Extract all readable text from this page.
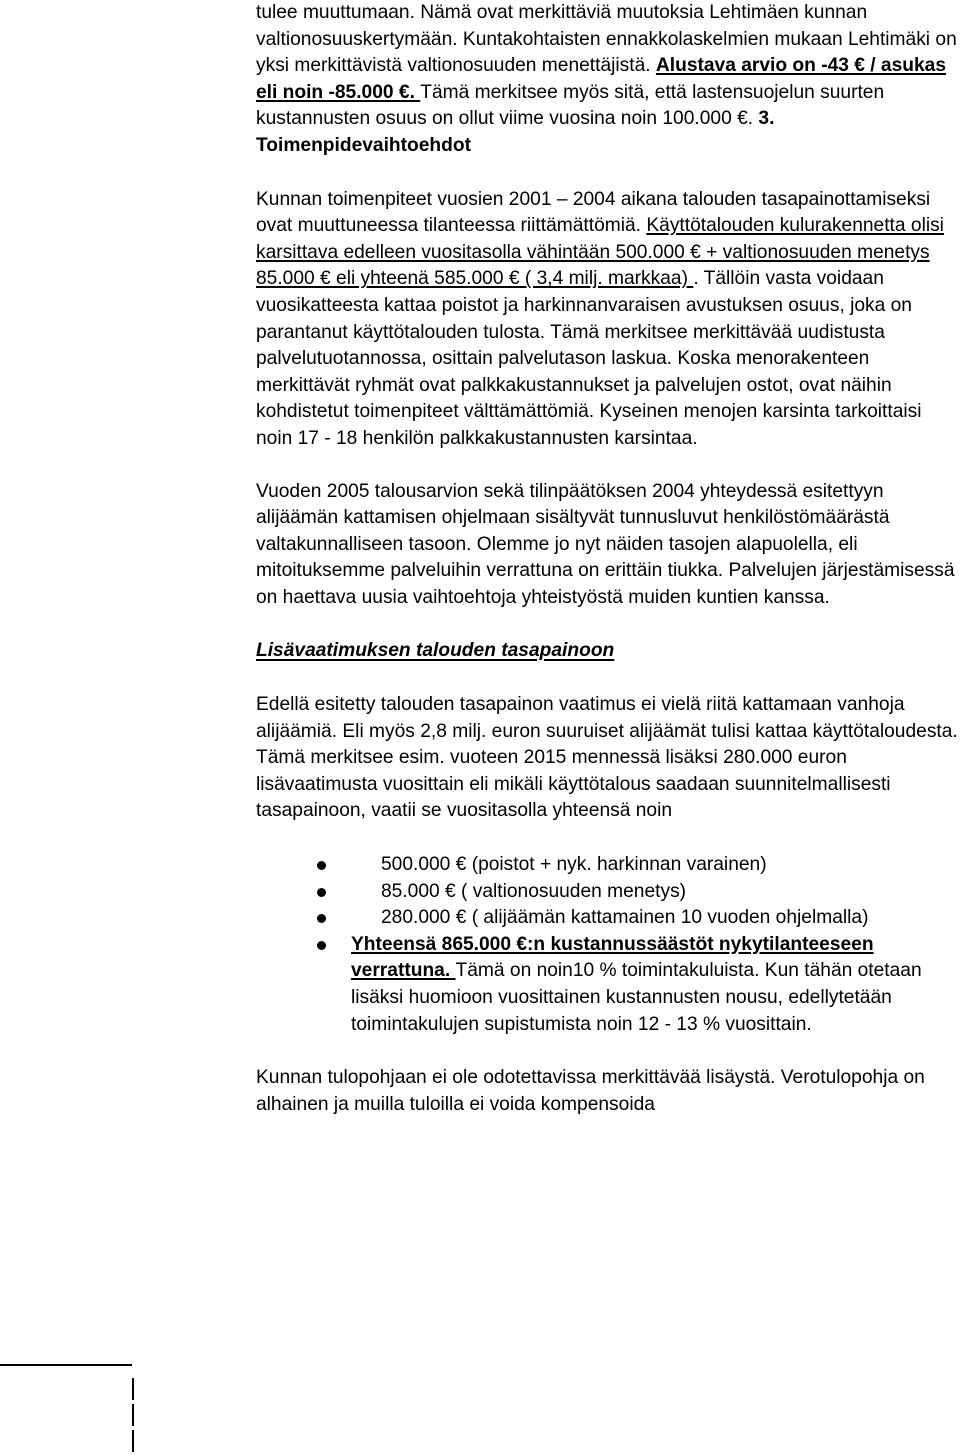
tulee muuttumaan. Nämä ovat merkittäviä muutoksia Lehtimäen kunnan valtionosuuskertymään. Kuntakohtaisten ennakkolaskelmien mukaan Lehtimäki on yksi merkittävistä valtionosuuden menettäjistä. Alustava arvio on -43 € / asukas eli noin -85.000 €. Tämä merkitsee myös sitä, että lastensuojelun suurten kustannusten osuus on ollut viime vuosina noin 100.000 €. 3. Toimenpidevaihtoehdot

Kunnan toimenpiteet vuosien 2001 – 2004 aikana talouden tasapainottamiseksi ovat muuttuneessa tilanteessa riittämättömiä. Käyttötalouden kulurakennetta olisi karsittava edelleen vuositasolla vähintään 500.000 € + valtionosuuden menetys 85.000 € eli yhteenä 585.000 € ( 3,4 milj. markkaa) . Tällöin vasta voidaan vuosikatteesta kattaa poistot ja harkinnanvaraisen avustuksen osuus, joka on parantanut käyttötalouden tulosta. Tämä merkitsee merkittävää uudistusta palvelutuotannossa, osittain palvelutason laskua. Koska menorakenteen merkittävät ryhmät ovat palkkakustannukset ja palvelujen ostot, ovat näihin kohdistetut toimenpiteet välttämättömiä. Kyseinen menojen karsinta tarkoittaisi noin 17 - 18 henkilön palkkakustannusten karsintaa.

Vuoden 2005 talousarvion sekä tilinpäätöksen 2004 yhteydessä esitettyyn alijäämän kattamisen ohjelmaan sisältyvät tunnusluvut henkilöstömäärästä valtakunnalliseen tasoon. Olemme jo nyt näiden tasojen alapuolella, eli mitoituksemme palveluihin verrattuna on erittäin tiukka. Palvelujen järjestämisessä on haettava uusia vaihtoehtoja yhteistyöstä muiden kuntien kanssa.

Lisävaatimuksen talouden tasapainoon

Edellä esitetty talouden tasapainon vaatimus ei vielä riitä kattamaan vanhoja alijäämiä. Eli myös 2,8 milj. euron suuruiset alijäämät tulisi kattaa käyttötaloudesta. Tämä merkitsee esim. vuoteen 2015 mennessä lisäksi 280.000 euron lisävaatimusta vuosittain eli mikäli käyttötalous saadaan suunnitelmallisesti tasapainoon, vaatii se vuositasolla yhteensä noin

500.000 € (poistot + nyk. harkinnan varainen)
85.000 € ( valtionosuuden menetys)
280.000 € ( alijäämän kattamainen 10 vuoden ohjelmalla)
Yhteensä 865.000 €:n kustannussäästöt nykytilanteeseen verrattuna. Tämä on noin10 % toimintakuluista. Kun tähän otetaan lisäksi huomioon vuosittainen kustannusten nousu, edellytetään toimintakulujen supistumista noin 12 - 13 % vuosittain.

Kunnan tulopohjaan ei ole odotettavissa merkittävää lisäystä. Verotulopohja on alhainen ja muilla tuloilla ei voida kompensoida
